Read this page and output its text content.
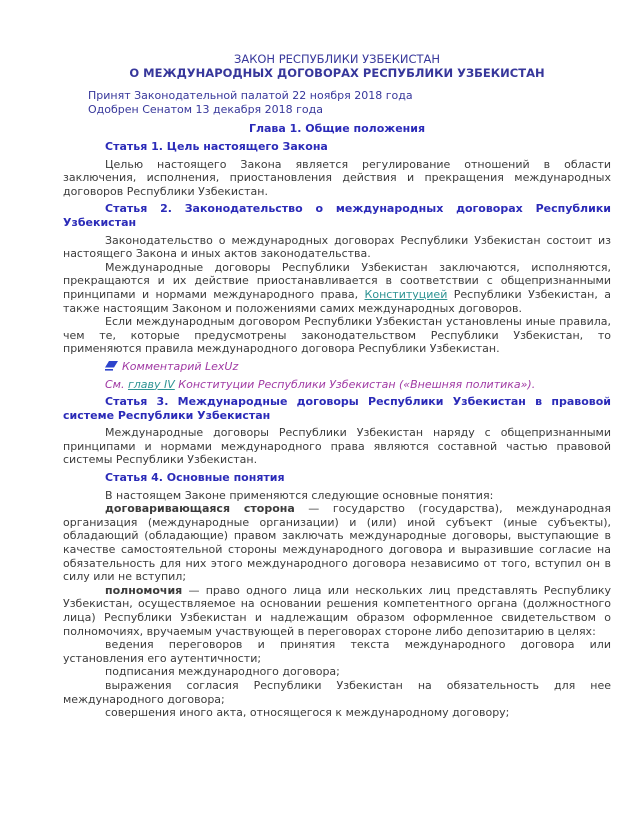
ЗАКОН РЕСПУБЛИКИ УЗБЕКИСТАН

О МЕЖДУНАРОДНЫХ ДОГОВОРАХ РЕСПУБЛИКИ УЗБЕКИСТАН

Принят Законодательной палатой 22 ноября 2018 года

Одобрен Сенатом 13 декабря 2018 года

Глава 1. Общие положения

Статья 1. Цель настоящего Закона

Целью настоящего Закона является регулирование отношений в области заключения, исполнения, приостановления действия и прекращения международных договоров Республики Узбекистан.

Статья 2. Законодательство о международных договорах Республики Узбекистан

Законодательство о международных договорах Республики Узбекистан состоит из настоящего Закона и иных актов законодательства.

Международные договоры Республики Узбекистан заключаются, исполняются, прекращаются и их действие приостанавливается в соответствии с общепризнанными принципами и нормами международного права, Конституцией Республики Узбекистан, а также настоящим Законом и положениями самих международных договоров.

Если международным договором Республики Узбекистан установлены иные правила, чем те, которые предусмотрены законодательством Республики Узбекистан, то применяются правила международного договора Республики Узбекистан.

Комментарий LexUz

См. главу IV Конституции Республики Узбекистан («Внешняя политика»).

Статья 3. Международные договоры Республики Узбекистан в правовой системе Республики Узбекистан

Международные договоры Республики Узбекистан наряду с общепризнанными принципами и нормами международного права являются составной частью правовой системы Республики Узбекистан.

Статья 4. Основные понятия

В настоящем Законе применяются следующие основные понятия:

договаривающаяся сторона — государство (государства), международная организация (международные организации) и (или) иной субъект (иные субъекты), обладающий (обладающие) правом заключать международные договоры, выступающие в качестве самостоятельной стороны международного договора и выразившие согласие на обязательность для них этого международного договора независимо от того, вступил он в силу или не вступил;

полномочия — право одного лица или нескольких лиц представлять Республику Узбекистан, осуществляемое на основании решения компетентного органа (должностного лица) Республики Узбекистан и надлежащим образом оформленное свидетельством о полномочиях, вручаемым участвующей в переговорах стороне либо депозитарию в целях:

ведения переговоров и принятия текста международного договора или установления его аутентичности;

подписания международного договора;

выражения согласия Республики Узбекистан на обязательность для нее международного договора;

совершения иного акта, относящегося к международному договору;
